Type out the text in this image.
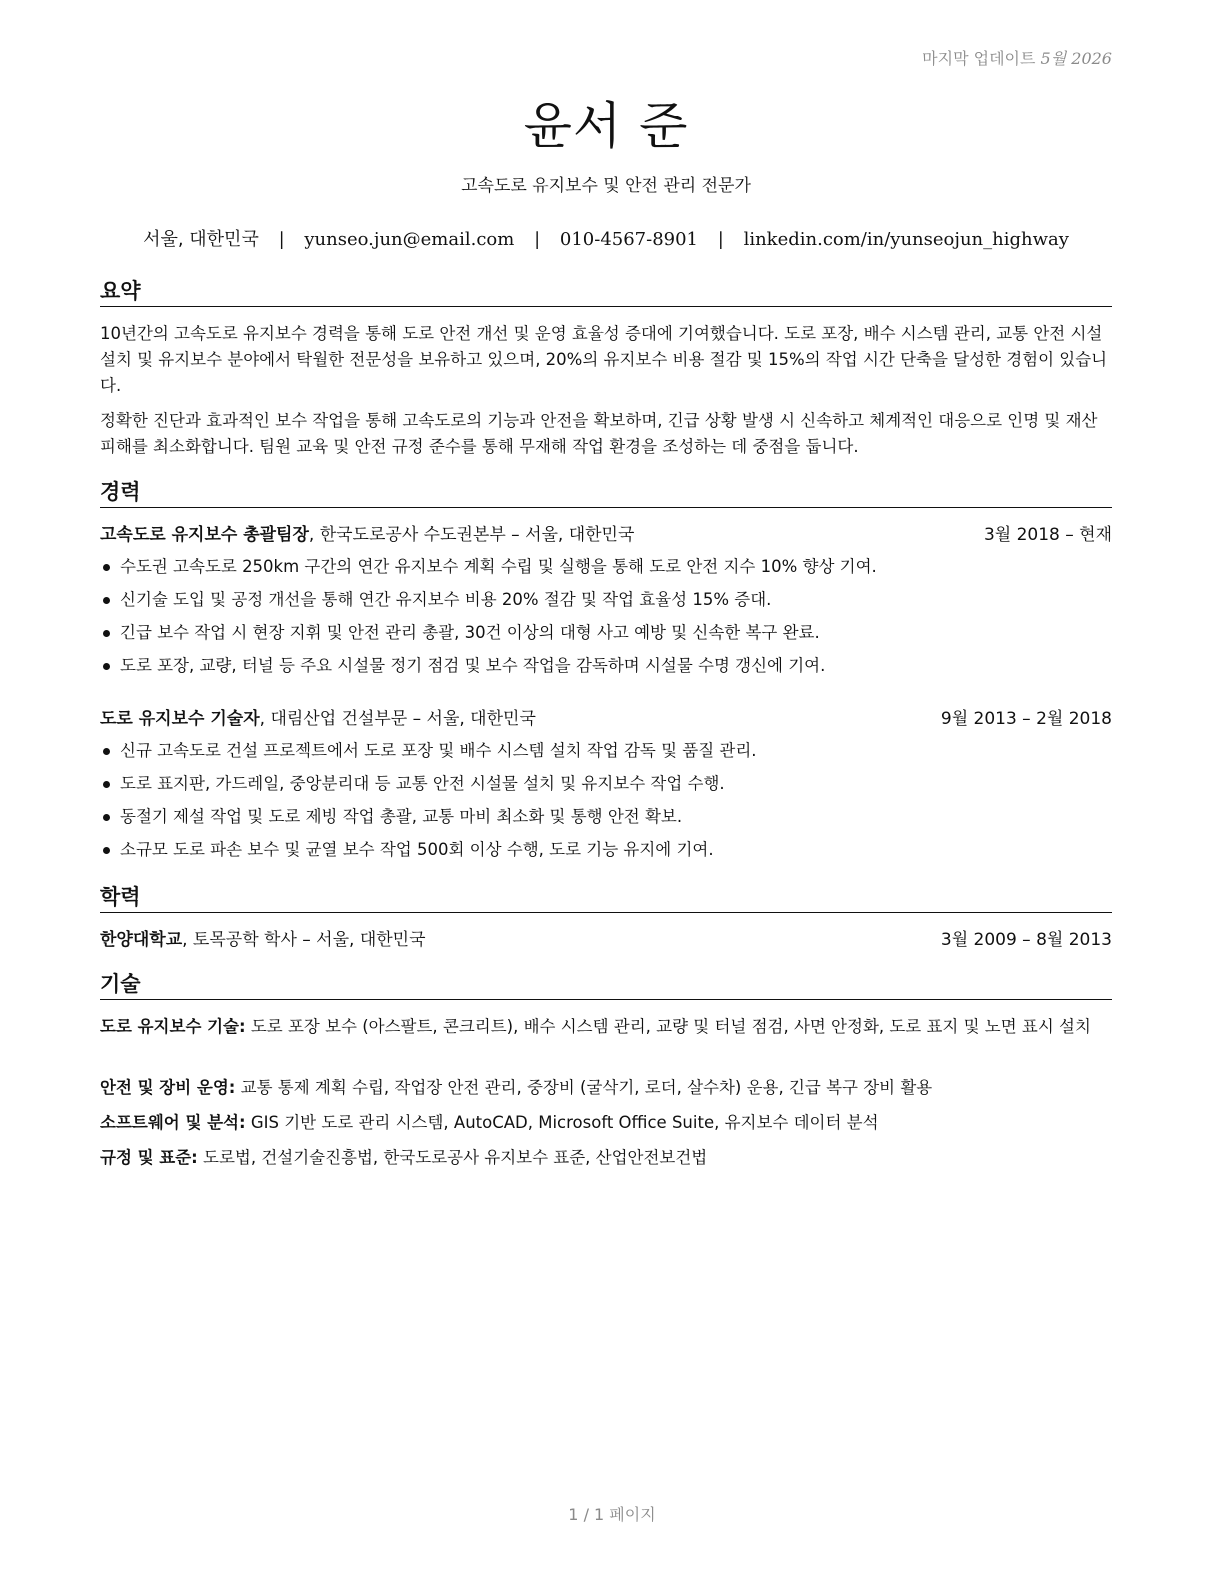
마지막 업데이트 5월 2026
윤서 준
고속도로 유지보수 및 안전 관리 전문가
서울, 대한민국 | yunseo.jun@email.com | 010-4567-8901 | linkedin.com/in/yunseojun_highway
요약
10년간의 고속도로 유지보수 경력을 통해 도로 안전 개선 및 운영 효율성 증대에 기여했습니다. 도로 포장, 배수 시스템 관리, 교통 안전 시설 설치 및 유지보수 분야에서 탁월한 전문성을 보유하고 있으며, 20%의 유지보수 비용 절감 및 15%의 작업 시간 단축을 달성한 경험이 있습니다.
정확한 진단과 효과적인 보수 작업을 통해 고속도로의 기능과 안전을 확보하며, 긴급 상황 발생 시 신속하고 체계적인 대응으로 인명 및 재산 피해를 최소화합니다. 팀원 교육 및 안전 규정 준수를 통해 무재해 작업 환경을 조성하는 데 중점을 둡니다.
경력
고속도로 유지보수 총괄팀장, 한국도로공사 수도권본부 – 서울, 대한민국	3월 2018 – 현재
수도권 고속도로 250km 구간의 연간 유지보수 계획 수립 및 실행을 통해 도로 안전 지수 10% 향상 기여.
신기술 도입 및 공정 개선을 통해 연간 유지보수 비용 20% 절감 및 작업 효율성 15% 증대.
긴급 보수 작업 시 현장 지휘 및 안전 관리 총괄, 30건 이상의 대형 사고 예방 및 신속한 복구 완료.
도로 포장, 교량, 터널 등 주요 시설물 정기 점검 및 보수 작업을 감독하며 시설물 수명 갱신에 기여.
도로 유지보수 기술자, 대림산업 건설부문 – 서울, 대한민국	9월 2013 – 2월 2018
신규 고속도로 건설 프로젝트에서 도로 포장 및 배수 시스템 설치 작업 감독 및 품질 관리.
도로 표지판, 가드레일, 중앙분리대 등 교통 안전 시설물 설치 및 유지보수 작업 수행.
동절기 제설 작업 및 도로 제빙 작업 총괄, 교통 마비 최소화 및 통행 안전 확보.
소규모 도로 파손 보수 및 균열 보수 작업 500회 이상 수행, 도로 기능 유지에 기여.
학력
한양대학교, 토목공학 학사 – 서울, 대한민국	3월 2009 – 8월 2013
기술
도로 유지보수 기술: 도로 포장 보수 (아스팔트, 콘크리트), 배수 시스템 관리, 교량 및 터널 점검, 사면 안정화, 도로 표지 및 노면 표시 설치
안전 및 장비 운영: 교통 통제 계획 수립, 작업장 안전 관리, 중장비 (굴삭기, 로더, 살수차) 운용, 긴급 복구 장비 활용
소프트웨어 및 분석: GIS 기반 도로 관리 시스템, AutoCAD, Microsoft Office Suite, 유지보수 데이터 분석
규정 및 표준: 도로법, 건설기술진흥법, 한국도로공사 유지보수 표준, 산업안전보건법
1 / 1 페이지
